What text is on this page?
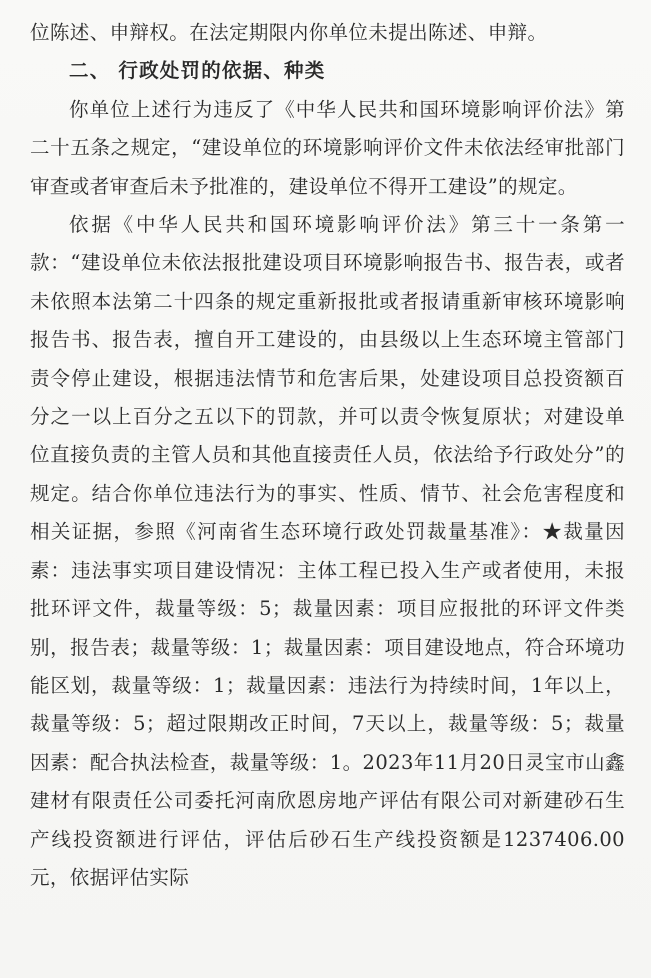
位陈述、申辩权。在法定期限内你单位未提出陈述、申辩。

二、 行政处罚的依据、种类

你单位上述行为违反了《中华人民共和国环境影响评价法》第二十五条之规定，“建设单位的环境影响评价文件未依法经审批部门审查或者审查后未予批准的，建设单位不得开工建设”的规定。

依据《中华人民共和国环境影响评价法》第三十一条第一款：“建设单位未依法报批建设项目环境影响报告书、报告表，或者未依照本法第二十四条的规定重新报批或者报请重新审核环境影响报告书、报告表，擅自开工建设的，由县级以上生态环境主管部门责令停止建设，根据违法情节和危害后果，处建设项目总投资额百分之一以上百分之五以下的罚款，并可以责令恢复原状；对建设单位直接负责的主管人员和其他直接责任人员，依法给予行政处分”的规定。结合你单位违法行为的事实、性质、情节、社会危害程度和相关证据，参照《河南省生态环境行政处罚裁量基准》：★裁量因素：违法事实项目建设情况：主体工程已投入生产或者使用，未报批环评文件，裁量等级：5；裁量因素：项目应报批的环评文件类别，报告表；裁量等级：1；裁量因素：项目建设地点，符合环境功能区划，裁量等级：1；裁量因素：违法行为持续时间，1年以上，裁量等级：5；超过限期改正时间，7天以上，裁量等级：5；裁量因素：配合执法检查，裁量等级：1。2023年11月20日灵宝市山鑫建材有限责任公司委托河南欣恩房地产评估有限公司对新建砂石生产线投资额进行评估，评估后砂石生产线投资额是1237406.00元，依据评估实际
